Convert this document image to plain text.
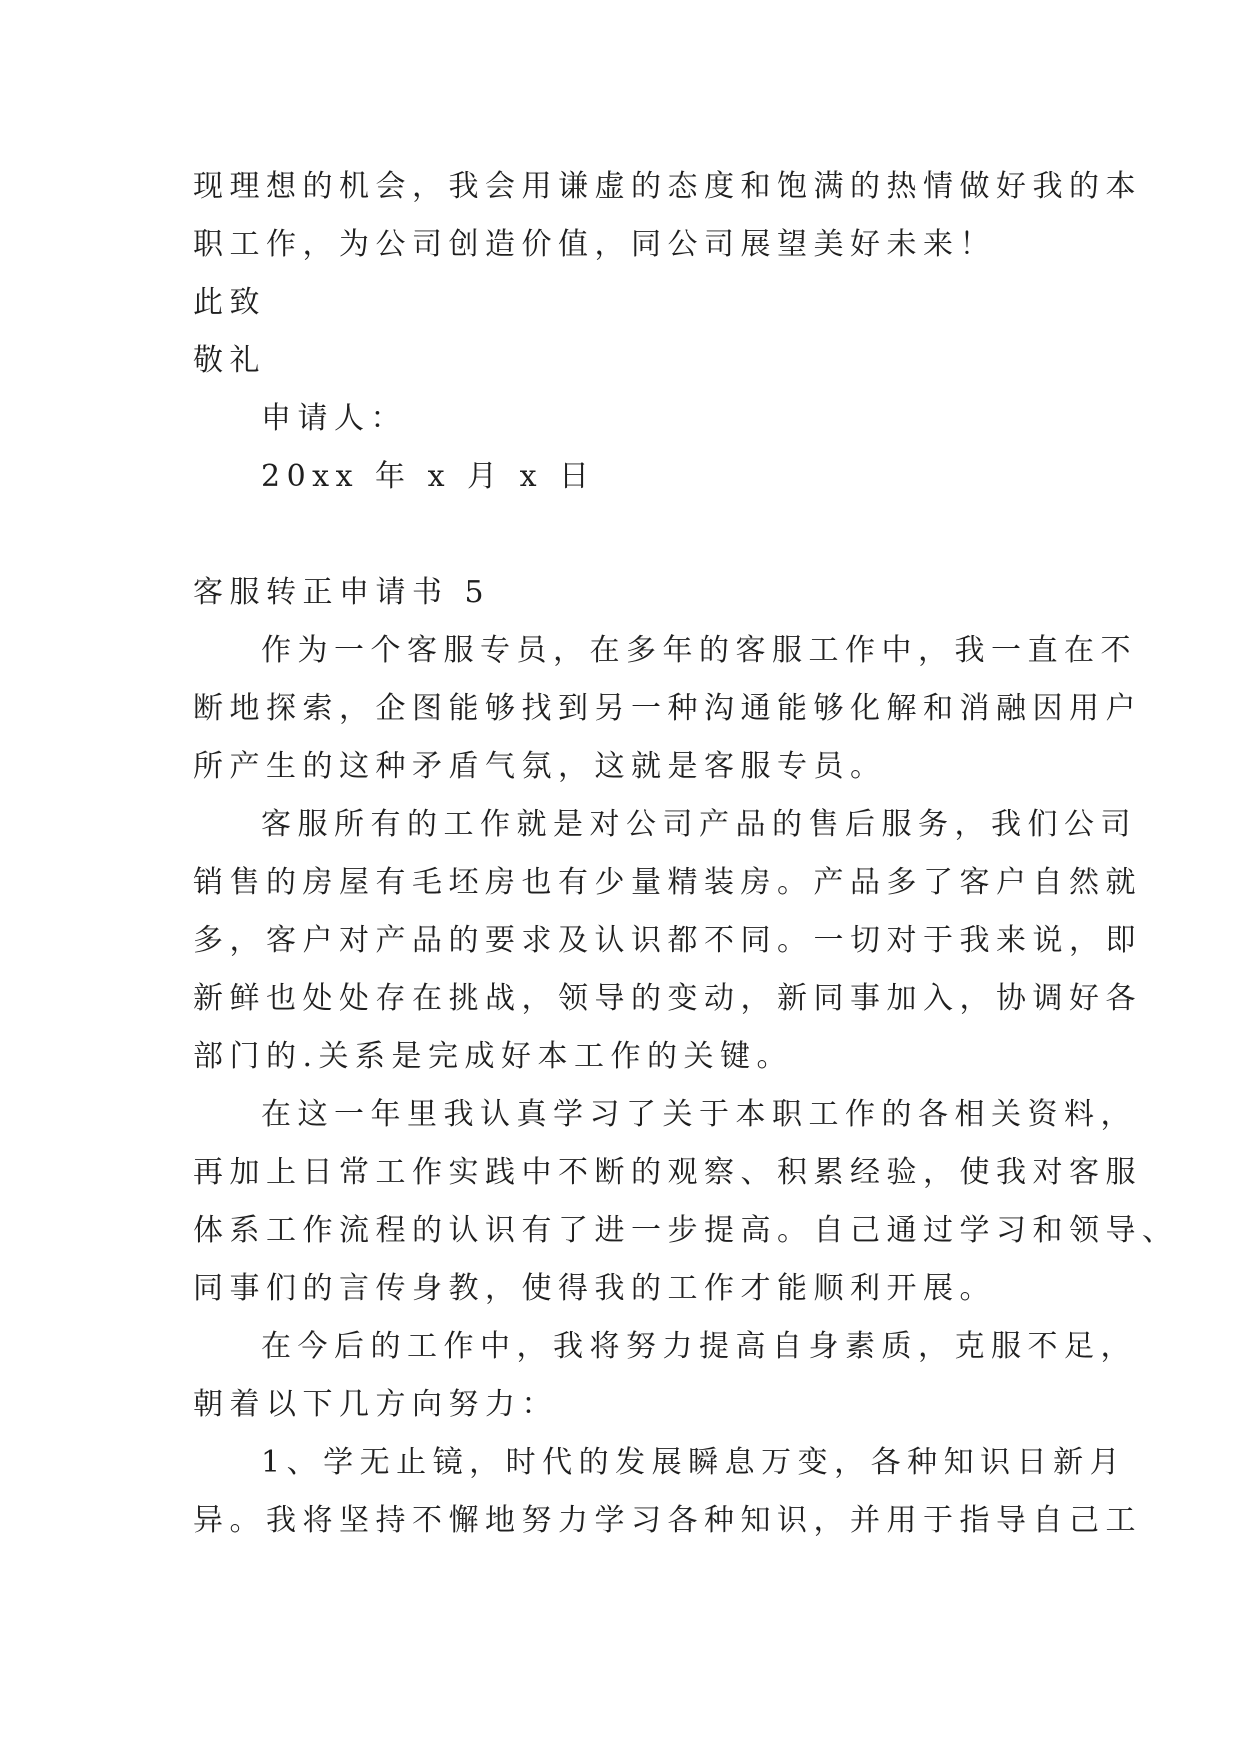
现理想的机会，我会用谦虚的态度和饱满的热情做好我的本
职工作，为公司创造价值，同公司展望美好未来！
此致
敬礼
申请人：
20xx 年 x 月 x 日
客服转正申请书 5
作为一个客服专员，在多年的客服工作中，我一直在不
断地探索，企图能够找到另一种沟通能够化解和消融因用户
所产生的这种矛盾气氛，这就是客服专员。
客服所有的工作就是对公司产品的售后服务，我们公司
销售的房屋有毛坯房也有少量精装房。产品多了客户自然就
多，客户对产品的要求及认识都不同。一切对于我来说，即
新鲜也处处存在挑战，领导的变动，新同事加入，协调好各
部门的.关系是完成好本工作的关键。
在这一年里我认真学习了关于本职工作的各相关资料，
再加上日常工作实践中不断的观察、积累经验，使我对客服
体系工作流程的认识有了进一步提高。自己通过学习和领导、
同事们的言传身教，使得我的工作才能顺利开展。
在今后的工作中，我将努力提高自身素质，克服不足，
朝着以下几方向努力：
1、学无止镜，时代的发展瞬息万变，各种知识日新月
异。我将坚持不懈地努力学习各种知识，并用于指导自己工
